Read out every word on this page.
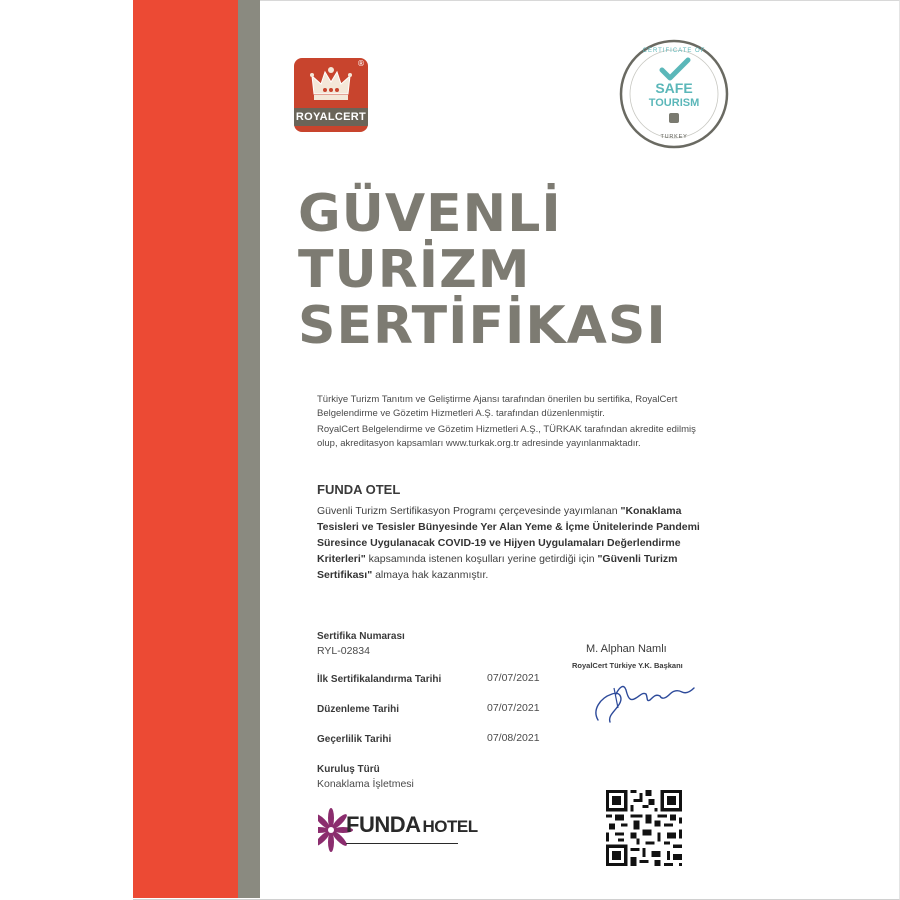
®
ROYALCERT
CERTIFICATE OF
SAFE
TOURISM
TURKEY
GÜVENLİ
TURİZM
SERTİFİKASI

Türkiye Turizm Tanıtım ve Geliştirme Ajansı tarafından önerilen bu sertifika, RoyalCert Belgelendirme ve Gözetim Hizmetleri A.Ş. tarafından düzenlenmiştir.

RoyalCert Belgelendirme ve Gözetim Hizmetleri A.Ş., TÜRKAK tarafından akredite edilmiş olup, akreditasyon kapsamları www.turkak.org.tr adresinde yayınlanmaktadır.

FUNDA OTEL

Güvenli Turizm Sertifikasyon Programı çerçevesinde yayımlanan "Konaklama Tesisleri ve Tesisler Bünyesinde Yer Alan Yeme & İçme Ünitelerinde Pandemi Süresince Uygulanacak COVID-19 ve Hijyen Uygulamaları Değerlendirme Kriterleri" kapsamında istenen koşulları yerine getirdiği için "Güvenli Turizm Sertifikası" almaya hak kazanmıştır.

Sertifika Numarası
RYL-02834
İlk Sertifikalandırma Tarihi	07/07/2021
Düzenleme Tarihi	07/07/2021
Geçerlilik Tarihi	07/08/2021
Kuruluş Türü
Konaklama İşletmesi
M. Alphan Namlı
RoyalCert Türkiye Y.K. Başkanı
FUNDA HOTEL
